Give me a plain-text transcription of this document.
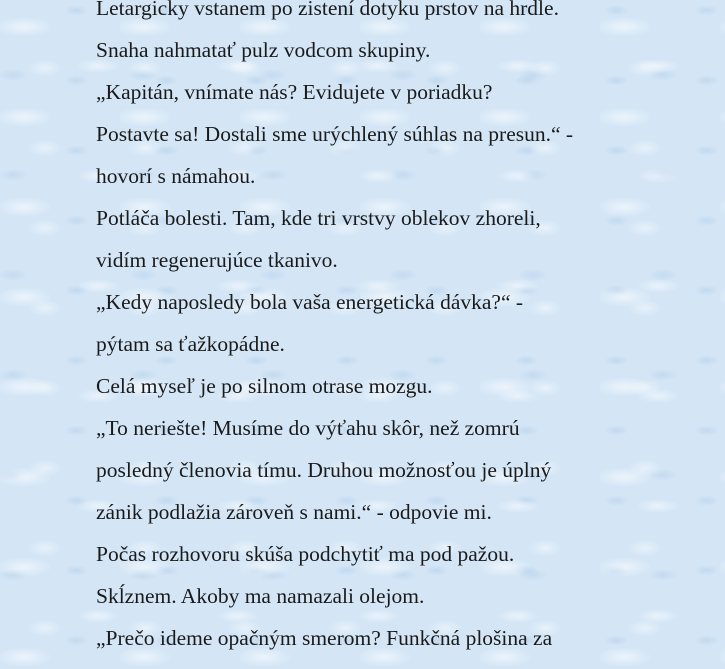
Letargicky vstanem po zistení dotyku prstov na hrdle.
Snaha nahmatať pulz vodcom skupiny.
„Kapitán, vnímate nás? Evidujete v poriadku?
Postavte sa! Dostali sme urýchlený súhlas na presun.“ -
hovorí s námahou.
Potláča bolesti. Tam, kde tri vrstvy oblekov zhoreli,
vidím regenerujúce tkanivo.
„Kedy naposledy bola vaša energetická dávka?“ -
pýtam sa ťažkopádne.
Celá myseľ je po silnom otrase mozgu.
„To neriešte! Musíme do výťahu skôr, než zomrú
posledný členovia tímu. Druhou možnosťou je úplný
zánik podlažia zároveň s nami.“ - odpovie mi.
Počas rozhovoru skúša podchytiť ma pod pažou.
Skĺznem. Akoby ma namazali olejom.
„Prečo ideme opačným smerom? Funkčná plošina za
